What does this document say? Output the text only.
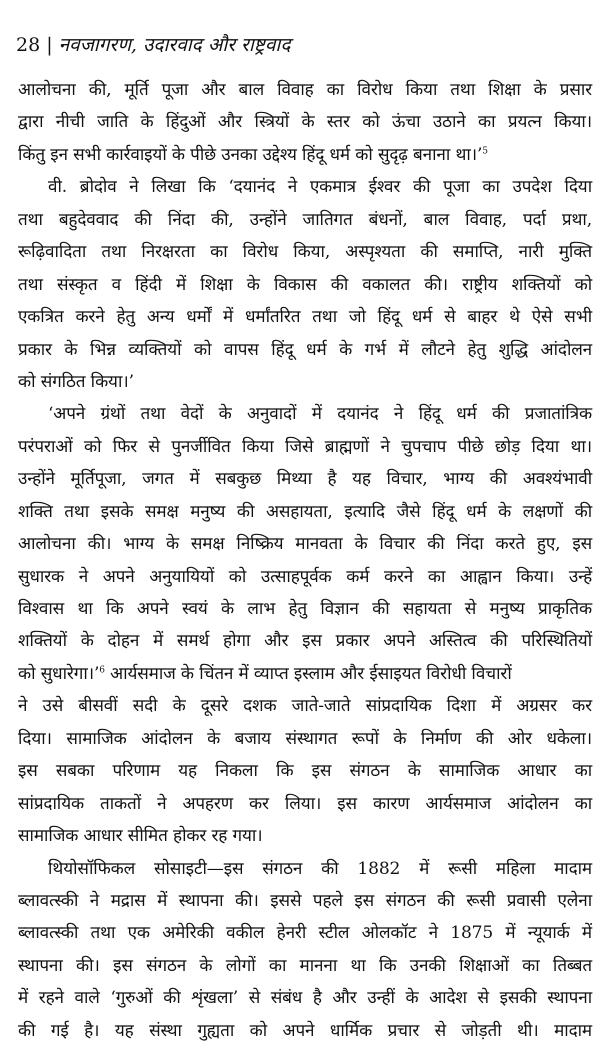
28 | नवजागरण, उदारवाद और राष्ट्रवाद
आलोचना की, मूर्ति पूजा और बाल विवाह का विरोध किया तथा शिक्षा के प्रसार
द्वारा नीची जाति के हिंदुओं और स्त्रियों के स्तर को ऊंचा उठाने का प्रयत्न किया।
किंतु इन सभी कार्रवाइयों के पीछे उनका उद्देश्य हिंदू धर्म को सुदृढ़ बनाना था।’$^5$
वी. ब्रोदोव ने लिखा कि ‘दयानंद ने एकमात्र ईश्वर की पूजा का उपदेश दिया
तथा बहुदेववाद की निंदा की, उन्होंने जातिगत बंधनों, बाल विवाह, पर्दा प्रथा,
रूढ़िवादिता तथा निरक्षरता का विरोध किया, अस्पृश्यता की समाप्ति, नारी मुक्ति
तथा संस्कृत व हिंदी में शिक्षा के विकास की वकालत की। राष्ट्रीय शक्तियों को
एकत्रित करने हेतु अन्य धर्मों में धर्मांतरित तथा जो हिंदू धर्म से बाहर थे ऐसे सभी
प्रकार के भिन्न व्यक्तियों को वापस हिंदू धर्म के गर्भ में लौटने हेतु शुद्धि आंदोलन
को संगठित किया।’
‘अपने ग्रंथों तथा वेदों के अनुवादों में दयानंद ने हिंदू धर्म की प्रजातांत्रिक
परंपराओं को फिर से पुनर्जीवित किया जिसे ब्राह्मणों ने चुपचाप पीछे छोड़ दिया था।
उन्होंने मूर्तिपूजा, जगत में सबकुछ मिथ्या है यह विचार, भाग्य की अवश्यंभावी
शक्ति तथा इसके समक्ष मनुष्य की असहायता, इत्यादि जैसे हिंदू धर्म के लक्षणों की
आलोचना की। भाग्य के समक्ष निष्क्रिय मानवता के विचार की निंदा करते हुए, इस
सुधारक ने अपने अनुयायियों को उत्साहपूर्वक कर्म करने का आह्वान किया। उन्हें
विश्वास था कि अपने स्वयं के लाभ हेतु विज्ञान की सहायता से मनुष्य प्राकृतिक
शक्तियों के दोहन में समर्थ होगा और इस प्रकार अपने अस्तित्व की परिस्थितियों
को सुधारेगा।’$^6$ आर्यसमाज के चिंतन में व्याप्त इस्लाम और ईसाइयत विरोधी विचारों
ने उसे बीसवीं सदी के दूसरे दशक जाते-जाते सांप्रदायिक दिशा में अग्रसर कर
दिया। सामाजिक आंदोलन के बजाय संस्थागत रूपों के निर्माण की ओर धकेला।
इस सबका परिणाम यह निकला कि इस संगठन के सामाजिक आधार का
सांप्रदायिक ताकतों ने अपहरण कर लिया। इस कारण आर्यसमाज आंदोलन का
सामाजिक आधार सीमित होकर रह गया।
थियोसॉफिकल सोसाइटी—इस संगठन की 1882 में रूसी महिला मादाम
ब्लावत्स्की ने मद्रास में स्थापना की। इससे पहले इस संगठन की रूसी प्रवासी एलेना
ब्लावत्स्की तथा एक अमेरिकी वकील हेनरी स्टील ओलकॉट ने 1875 में न्यूयार्क में
स्थापना की। इस संगठन के लोगों का मानना था कि उनकी शिक्षाओं का तिब्बत
में रहने वाले ‘गुरुओं की शृंखला’ से संबंध है और उन्हीं के आदेश से इसकी स्थापना
की गई है। यह संस्था गुह्यता को अपने धार्मिक प्रचार से जोड़ती थी। मादाम
